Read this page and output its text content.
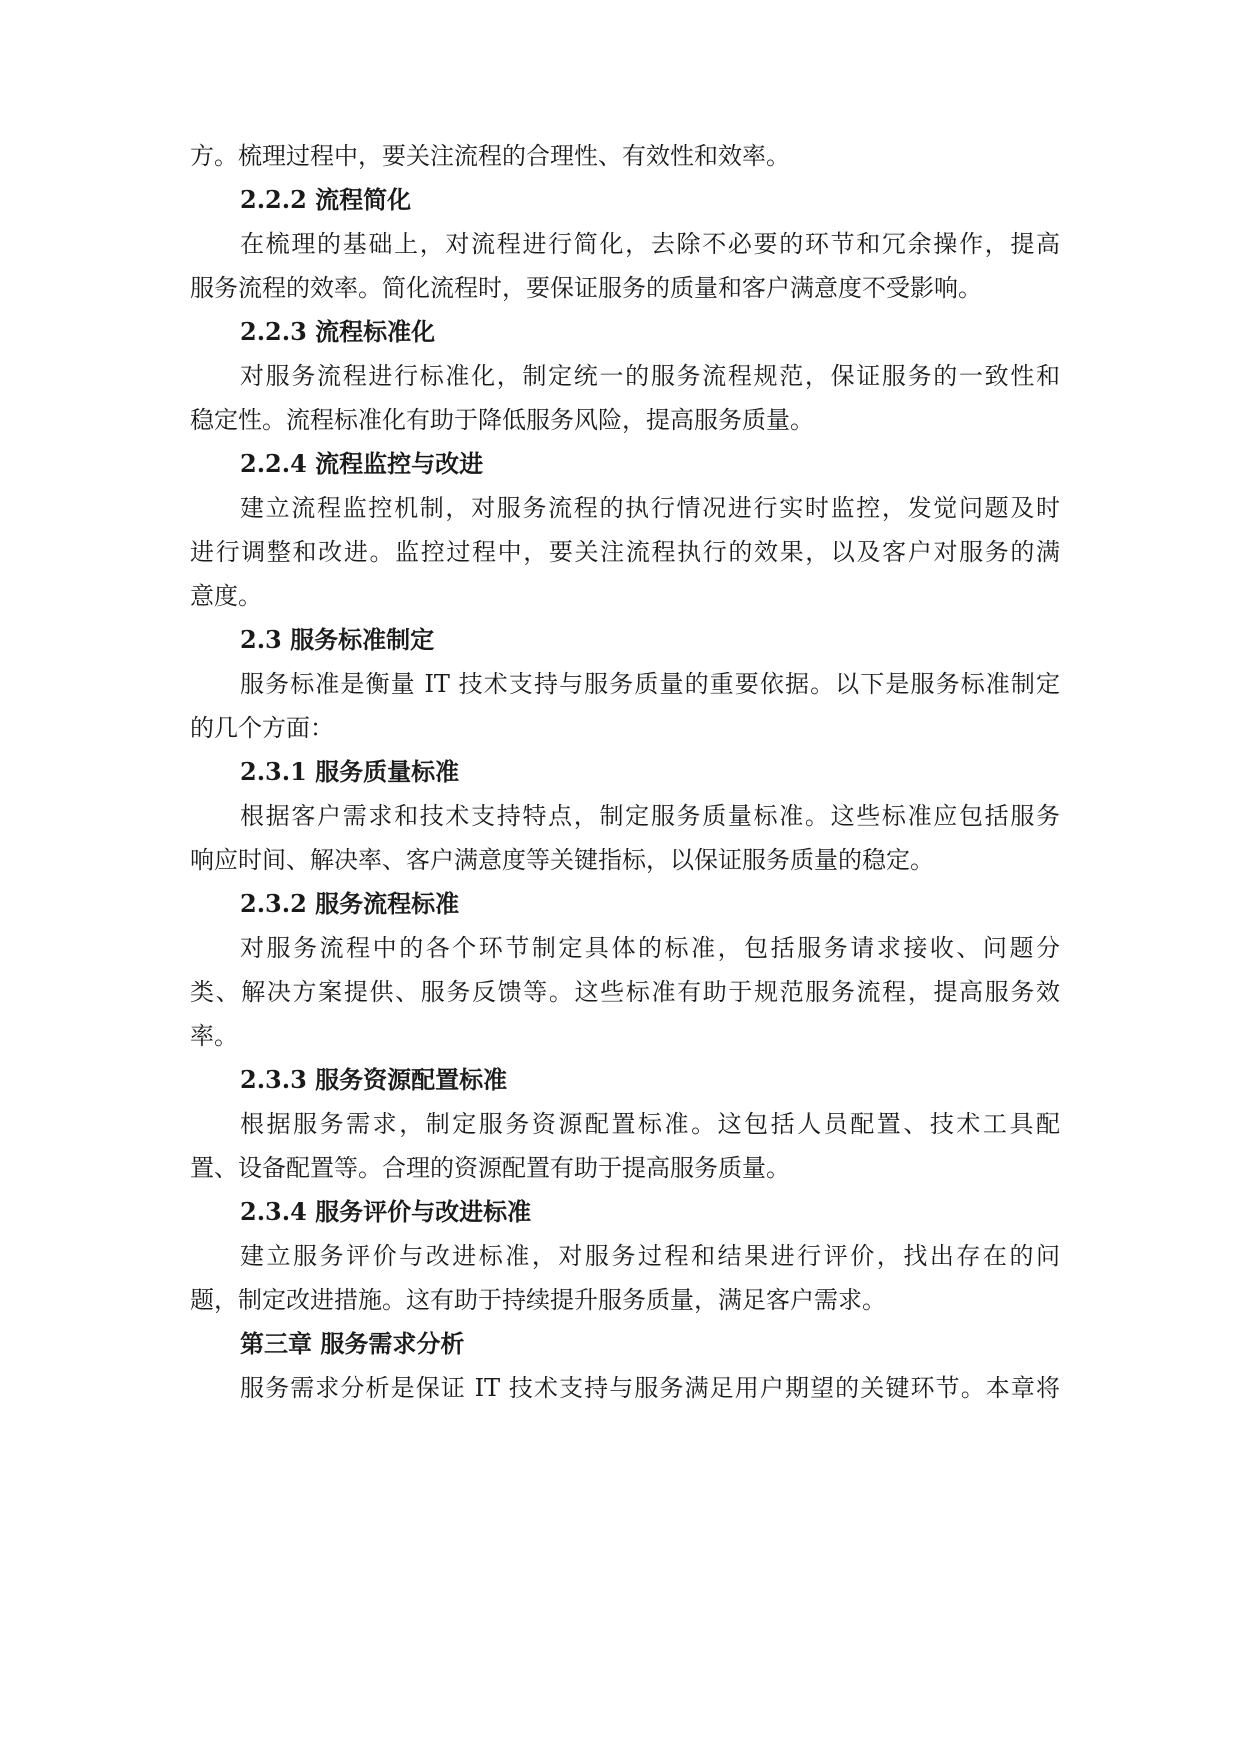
方。梳理过程中，要关注流程的合理性、有效性和效率。
2.2.2 流程简化
在梳理的基础上，对流程进行简化，去除不必要的环节和冗余操作，提高
服务流程的效率。简化流程时，要保证服务的质量和客户满意度不受影响。
2.2.3 流程标准化
对服务流程进行标准化，制定统一的服务流程规范，保证服务的一致性和
稳定性。流程标准化有助于降低服务风险，提高服务质量。
2.2.4 流程监控与改进
建立流程监控机制，对服务流程的执行情况进行实时监控，发觉问题及时
进行调整和改进。监控过程中，要关注流程执行的效果，以及客户对服务的满
意度。
2.3 服务标准制定
服务标准是衡量 IT 技术支持与服务质量的重要依据。以下是服务标准制定
的几个方面：
2.3.1 服务质量标准
根据客户需求和技术支持特点，制定服务质量标准。这些标准应包括服务
响应时间、解决率、客户满意度等关键指标，以保证服务质量的稳定。
2.3.2 服务流程标准
对服务流程中的各个环节制定具体的标准，包括服务请求接收、问题分
类、解决方案提供、服务反馈等。这些标准有助于规范服务流程，提高服务效
率。
2.3.3 服务资源配置标准
根据服务需求，制定服务资源配置标准。这包括人员配置、技术工具配
置、设备配置等。合理的资源配置有助于提高服务质量。
2.3.4 服务评价与改进标准
建立服务评价与改进标准，对服务过程和结果进行评价，找出存在的问
题，制定改进措施。这有助于持续提升服务质量，满足客户需求。
第三章 服务需求分析
服务需求分析是保证 IT 技术支持与服务满足用户期望的关键环节。本章将
